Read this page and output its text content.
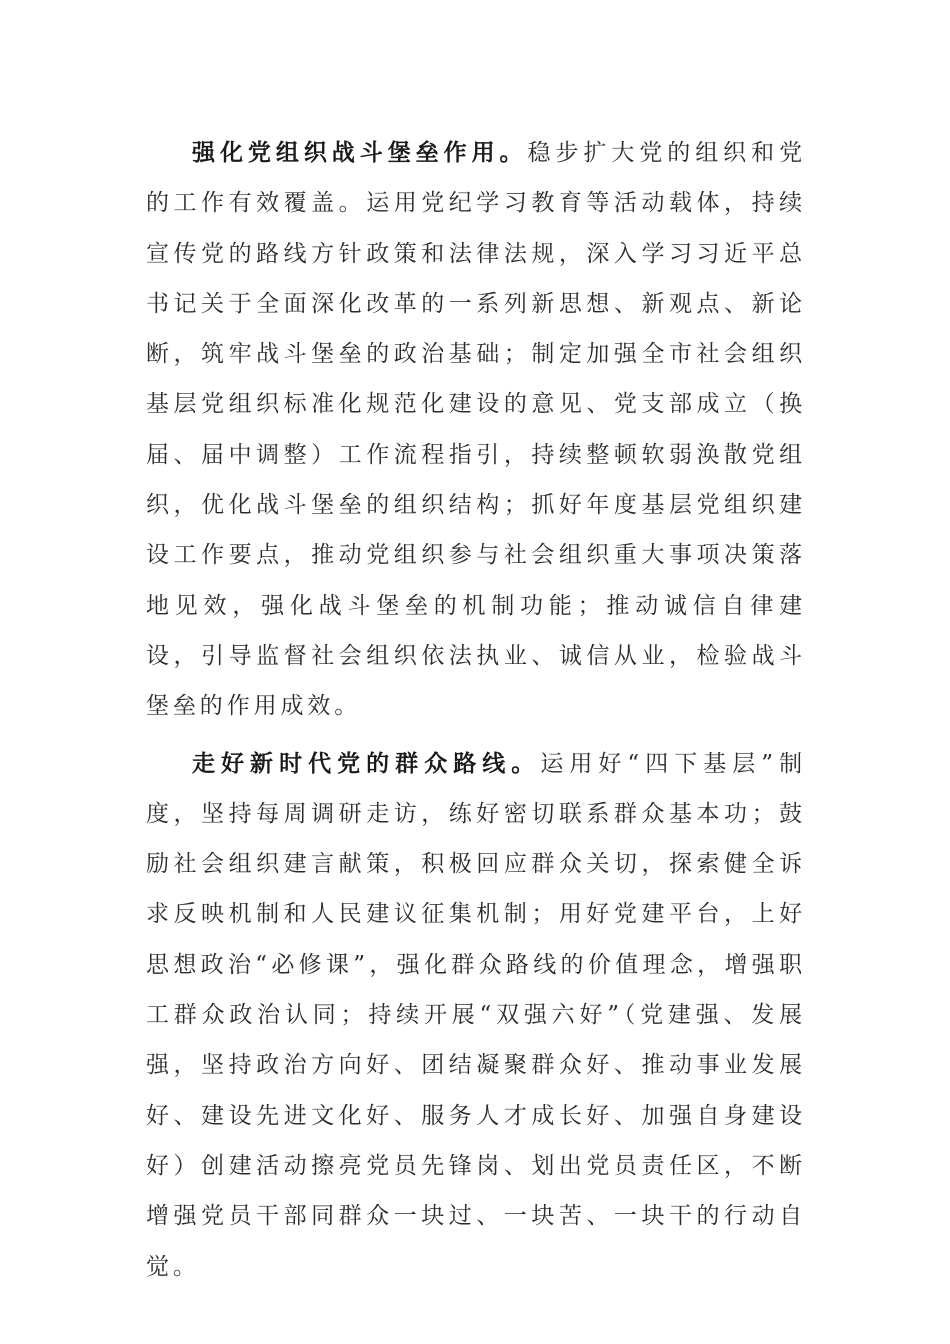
强化党组织战斗堡垒作用。稳步扩大党的组织和党的工作有效覆盖。运用党纪学习教育等活动载体，持续宣传党的路线方针政策和法律法规，深入学习习近平总书记关于全面深化改革的一系列新思想、新观点、新论断，筑牢战斗堡垒的政治基础；制定加强全市社会组织基层党组织标准化规范化建设的意见、党支部成立（换届、届中调整）工作流程指引，持续整顿软弱涣散党组织，优化战斗堡垒的组织结构；抓好年度基层党组织建设工作要点，推动党组织参与社会组织重大事项决策落地见效，强化战斗堡垒的机制功能；推动诚信自律建设，引导监督社会组织依法执业、诚信从业，检验战斗堡垒的作用成效。

走好新时代党的群众路线。运用好“四下基层”制度，坚持每周调研走访，练好密切联系群众基本功；鼓励社会组织建言献策，积极回应群众关切，探索健全诉求反映机制和人民建议征集机制；用好党建平台，上好思想政治“必修课”，强化群众路线的价值理念，增强职工群众政治认同；持续开展“双强六好”（党建强、发展强，坚持政治方向好、团结凝聚群众好、推动事业发展好、建设先进文化好、服务人才成长好、加强自身建设好）创建活动擦亮党员先锋岗、划出党员责任区，不断增强党员干部同群众一块过、一块苦、一块干的行动自觉。
